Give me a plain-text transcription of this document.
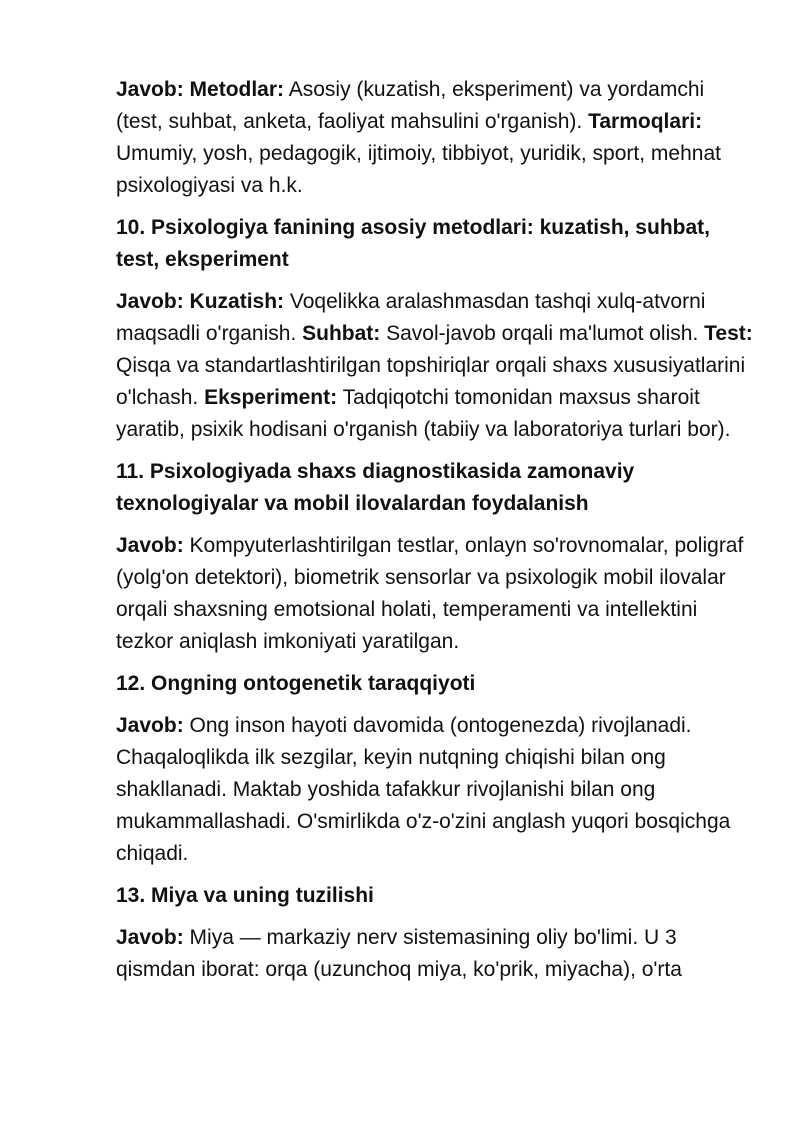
Javob: Metodlar: Asosiy (kuzatish, eksperiment) va yordamchi (test, suhbat, anketa, faoliyat mahsulini o'rganish). Tarmoqlari: Umumiy, yosh, pedagogik, ijtimoiy, tibbiyot, yuridik, sport, mehnat psixologiyasi va h.k.

10. Psixologiya fanining asosiy metodlari: kuzatish, suhbat, test, eksperiment

Javob: Kuzatish: Voqelikka aralashmasdan tashqi xulq-atvorni maqsadli o'rganish. Suhbat: Savol-javob orqali ma'lumot olish. Test: Qisqa va standartlashtirilgan topshiriqlar orqali shaxs xususiyatlarini o'lchash. Eksperiment: Tadqiqotchi tomonidan maxsus sharoit yaratib, psixik hodisani o'rganish (tabiiy va laboratoriya turlari bor).

11. Psixologiyada shaxs diagnostikasida zamonaviy texnologiyalar va mobil ilovalardan foydalanish

Javob: Kompyuterlashtirilgan testlar, onlayn so'rovnomalar, poligraf (yolg'on detektori), biometrik sensorlar va psixologik mobil ilovalar orqali shaxsning emotsional holati, temperamenti va intellektini tezkor aniqlash imkoniyati yaratilgan.

12. Ongning ontogenetik taraqqiyoti

Javob: Ong inson hayoti davomida (ontogenezda) rivojlanadi. Chaqaloqlikda ilk sezgilar, keyin nutqning chiqishi bilan ong shakllanadi. Maktab yoshida tafakkur rivojlanishi bilan ong mukammallashadi. O'smirlikda o'z-o'zini anglash yuqori bosqichga chiqadi.

13. Miya va uning tuzilishi

Javob: Miya — markaziy nerv sistemasining oliy bo'limi. U 3 qismdan iborat: orqa (uzunchoq miya, ko'prik, miyacha), o'rta
